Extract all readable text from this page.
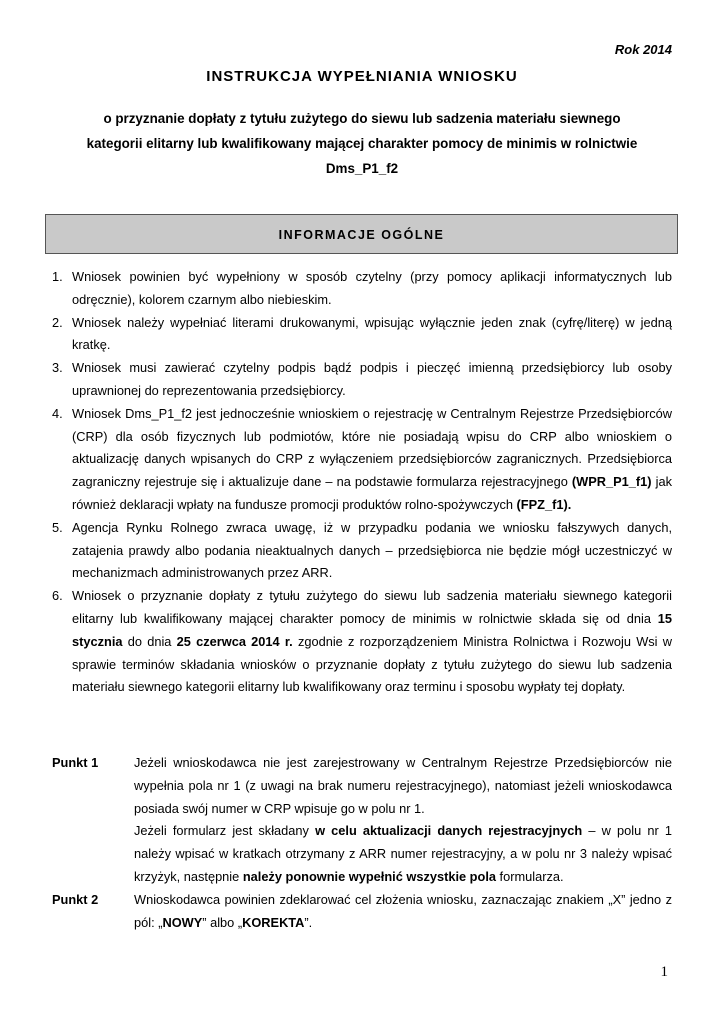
Rok 2014
INSTRUKCJA WYPEŁNIANIA WNIOSKU
o przyznanie dopłaty z tytułu zużytego do siewu lub sadzenia materiału siewnego
kategorii elitarny lub kwalifikowany mającej charakter pomocy de minimis w rolnictwie
Dms_P1_f2
INFORMACJE OGÓLNE
1. Wniosek powinien być wypełniony w sposób czytelny (przy pomocy aplikacji informatycznych lub odręcznie), kolorem czarnym albo niebieskim.
2. Wniosek należy wypełniać literami drukowanymi, wpisując wyłącznie jeden znak (cyfrę/literę) w jedną kratkę.
3. Wniosek musi zawierać czytelny podpis bądź podpis i pieczęć imienną przedsiębiorcy lub osoby uprawnionej do reprezentowania przedsiębiorcy.
4. Wniosek Dms_P1_f2 jest jednocześnie wnioskiem o rejestrację w Centralnym Rejestrze Przedsiębiorców (CRP) dla osób fizycznych lub podmiotów, które nie posiadają wpisu do CRP albo wnioskiem o aktualizację danych wpisanych do CRP z wyłączeniem przedsiębiorców zagranicznych. Przedsiębiorca zagraniczny rejestruje się i aktualizuje dane – na podstawie formularza rejestracyjnego (WPR_P1_f1) jak również deklaracji wpłaty na fundusze promocji produktów rolno-spożywczych (FPZ_f1).
5. Agencja Rynku Rolnego zwraca uwagę, iż w przypadku podania we wniosku fałszywych danych, zatajenia prawdy albo podania nieaktualnych danych – przedsiębiorca nie będzie mógł uczestniczyć w mechanizmach administrowanych przez ARR.
6. Wniosek o przyznanie dopłaty z tytułu zużytego do siewu lub sadzenia materiału siewnego kategorii elitarny lub kwalifikowany mającej charakter pomocy de minimis w rolnictwie składa się od dnia 15 stycznia do dnia 25 czerwca 2014 r. zgodnie z rozporządzeniem Ministra Rolnictwa i Rozwoju Wsi w sprawie terminów składania wniosków o przyznanie dopłaty z tytułu zużytego do siewu lub sadzenia materiału siewnego kategorii elitarny lub kwalifikowany oraz terminu i sposobu wypłaty tej dopłaty.
Punkt 1	Jeżeli wnioskodawca nie jest zarejestrowany w Centralnym Rejestrze Przedsiębiorców nie wypełnia pola nr 1 (z uwagi na brak numeru rejestracyjnego), natomiast jeżeli wnioskodawca posiada swój numer w CRP wpisuje go w polu nr 1.
Jeżeli formularz jest składany w celu aktualizacji danych rejestracyjnych – w polu nr 1 należy wpisać w kratkach otrzymany z ARR numer rejestracyjny, a w polu nr 3 należy wpisać krzyżyk, następnie należy ponownie wypełnić wszystkie pola formularza.
Punkt 2	Wnioskodawca powinien zdeklarować cel złożenia wniosku, zaznaczając znakiem „X” jedno z pól: „NOWY” albo „KOREKTA”.
1
